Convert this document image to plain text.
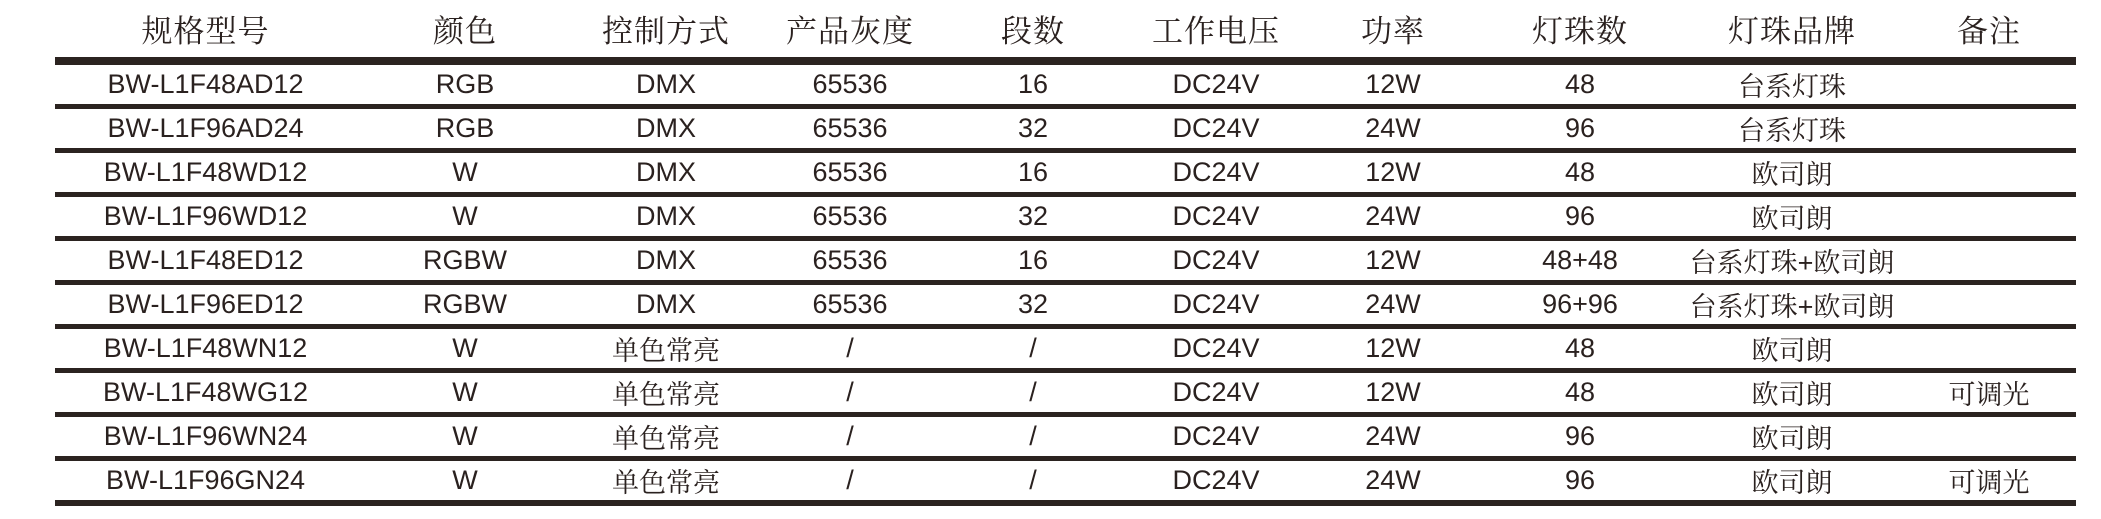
规格型号	颜色	控制方式	产品灰度	段数	工作电压	功率	灯珠数	灯珠品牌	备注
BW-L1F48AD12	RGB	DMX	65536	16	DC24V	12W	48	台系灯珠	
BW-L1F96AD24	RGB	DMX	65536	32	DC24V	24W	96	台系灯珠	
BW-L1F48WD12	W	DMX	65536	16	DC24V	12W	48	欧司朗	
BW-L1F96WD12	W	DMX	65536	32	DC24V	24W	96	欧司朗	
BW-L1F48ED12	RGBW	DMX	65536	16	DC24V	12W	48+48	台系灯珠+欧司朗	
BW-L1F96ED12	RGBW	DMX	65536	32	DC24V	24W	96+96	台系灯珠+欧司朗	
BW-L1F48WN12	W	单色常亮	/	/	DC24V	12W	48	欧司朗	
BW-L1F48WG12	W	单色常亮	/	/	DC24V	12W	48	欧司朗	可调光
BW-L1F96WN24	W	单色常亮	/	/	DC24V	24W	96	欧司朗	
BW-L1F96GN24	W	单色常亮	/	/	DC24V	24W	96	欧司朗	可调光
